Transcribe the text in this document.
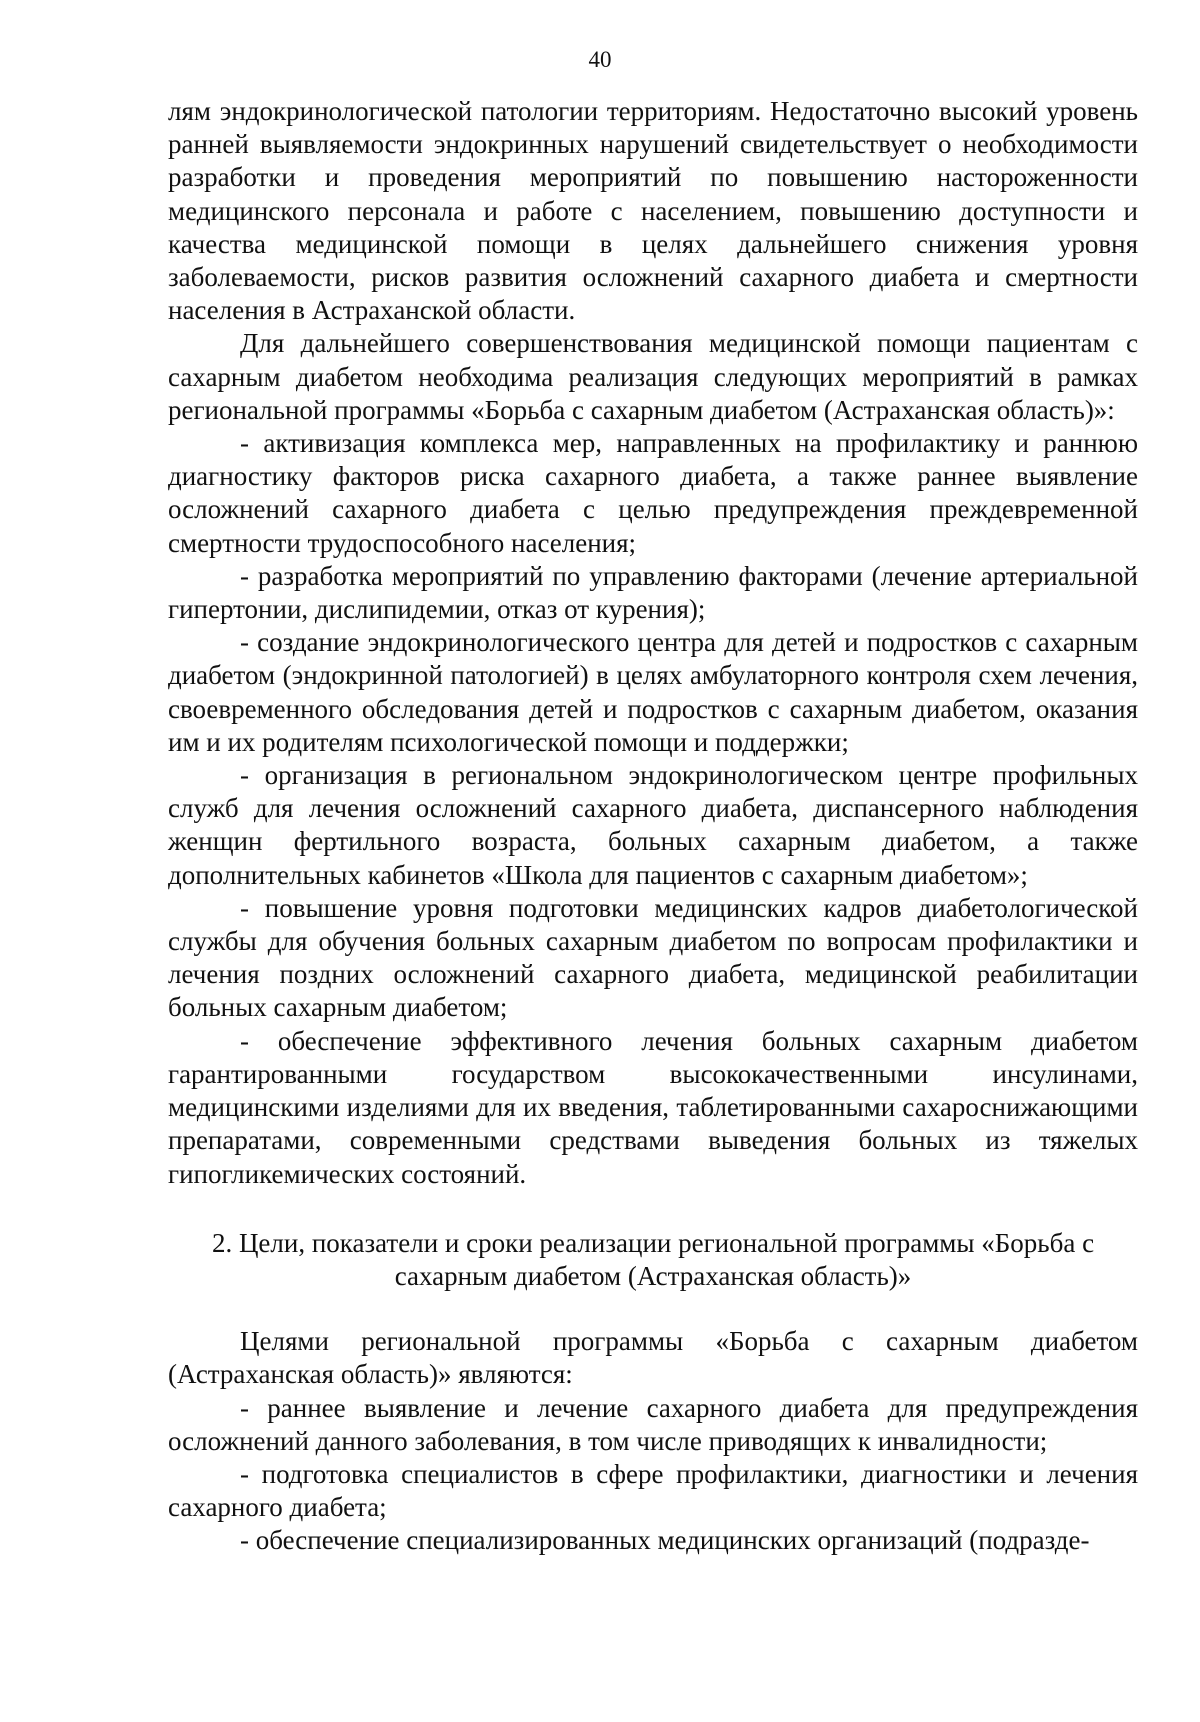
40

лям эндокринологической патологии территориям. Недостаточно высокий уровень ранней выявляемости эндокринных нарушений свидетельствует о необходимости разработки и проведения мероприятий по повышению настороженности медицинского персонала и работе с населением, повышению доступности и качества медицинской помощи в целях дальнейшего снижения уровня заболеваемости, рисков развития осложнений сахарного диабета и смертности населения в Астраханской области.

Для дальнейшего совершенствования медицинской помощи пациентам с сахарным диабетом необходима реализация следующих мероприятий в рамках региональной программы «Борьба с сахарным диабетом (Астраханская область)»:

- активизация комплекса мер, направленных на профилактику и раннюю диагностику факторов риска сахарного диабета, а также раннее выявление осложнений сахарного диабета с целью предупреждения преждевременной смертности трудоспособного населения;

- разработка мероприятий по управлению факторами (лечение артериальной гипертонии, дислипидемии, отказ от курения);

- создание эндокринологического центра для детей и подростков с сахарным диабетом (эндокринной патологией) в целях амбулаторного контроля схем лечения, своевременного обследования детей и подростков с сахарным диабетом, оказания им и их родителям психологической помощи и поддержки;

- организация в региональном эндокринологическом центре профильных служб для лечения осложнений сахарного диабета, диспансерного наблюдения женщин фертильного возраста, больных сахарным диабетом, а также дополнительных кабинетов «Школа для пациентов с сахарным диабетом»;

- повышение уровня подготовки медицинских кадров диабетологической службы для обучения больных сахарным диабетом по вопросам профилактики и лечения поздних осложнений сахарного диабета, медицинской реабилитации больных сахарным диабетом;

- обеспечение эффективного лечения больных сахарным диабетом гарантированными государством высококачественными инсулинами, медицинскими изделиями для их введения, таблетированными сахароснижающими препаратами, современными средствами выведения больных из тяжелых гипогликемических состояний.

2. Цели, показатели и сроки реализации региональной программы «Борьба с сахарным диабетом (Астраханская область)»

Целями региональной программы «Борьба с сахарным диабетом (Астраханская область)» являются:

- раннее выявление и лечение сахарного диабета для предупреждения осложнений данного заболевания, в том числе приводящих к инвалидности;

- подготовка специалистов в сфере профилактики, диагностики и лечения сахарного диабета;

- обеспечение специализированных медицинских организаций (подразде-
